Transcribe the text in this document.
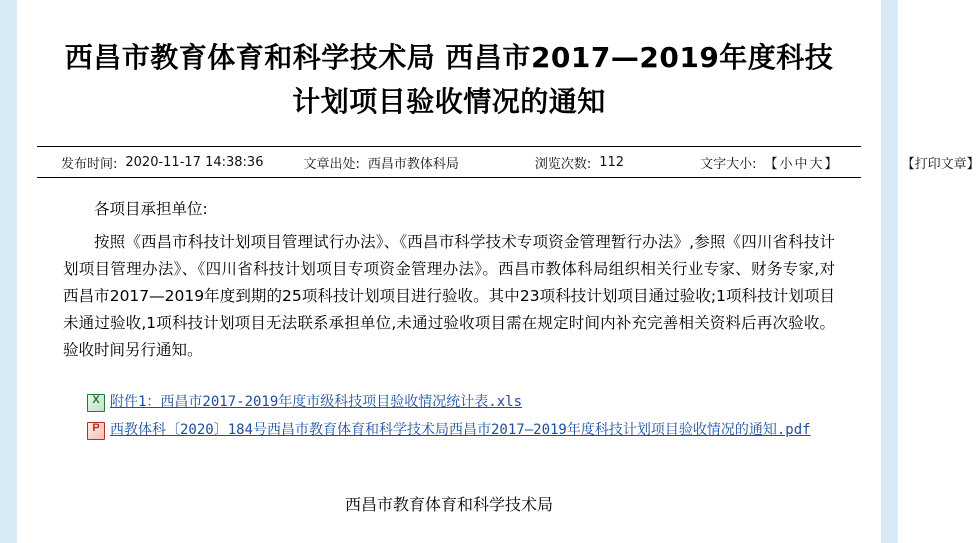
西昌市教育体育和科学技术局 西昌市2017—2019年度科技计划项目验收情况的通知
发布时间: 2020-11-17 14:38:36	文章出处: 西昌市教体科局	浏览次数: 112	文字大小: 【小中大】	【打印文章】

各项目承担单位:

按照《西昌市科技计划项目管理试行办法》、《西昌市科学技术专项资金管理暂行办法》,参照《四川省科技计划项目管理办法》、《四川省科技计划项目专项资金管理办法》。西昌市教体科局组织相关行业专家、财务专家,对西昌市2017—2019年度到期的25项科技计划项目进行验收。其中23项科技计划项目通过验收;1项科技计划项目未通过验收,1项科技计划项目无法联系承担单位,未通过验收项目需在规定时间内补充完善相关资料后再次验收。验收时间另行通知。

X
附件1：西昌市2017-2019年度市级科技项目验收情况统计表.xls
P
西教体科〔2020〕184号西昌市教育体育和科学技术局西昌市2017—2019年度科技计划项目验收情况的通知.pdf
西昌市教育体育和科学技术局
